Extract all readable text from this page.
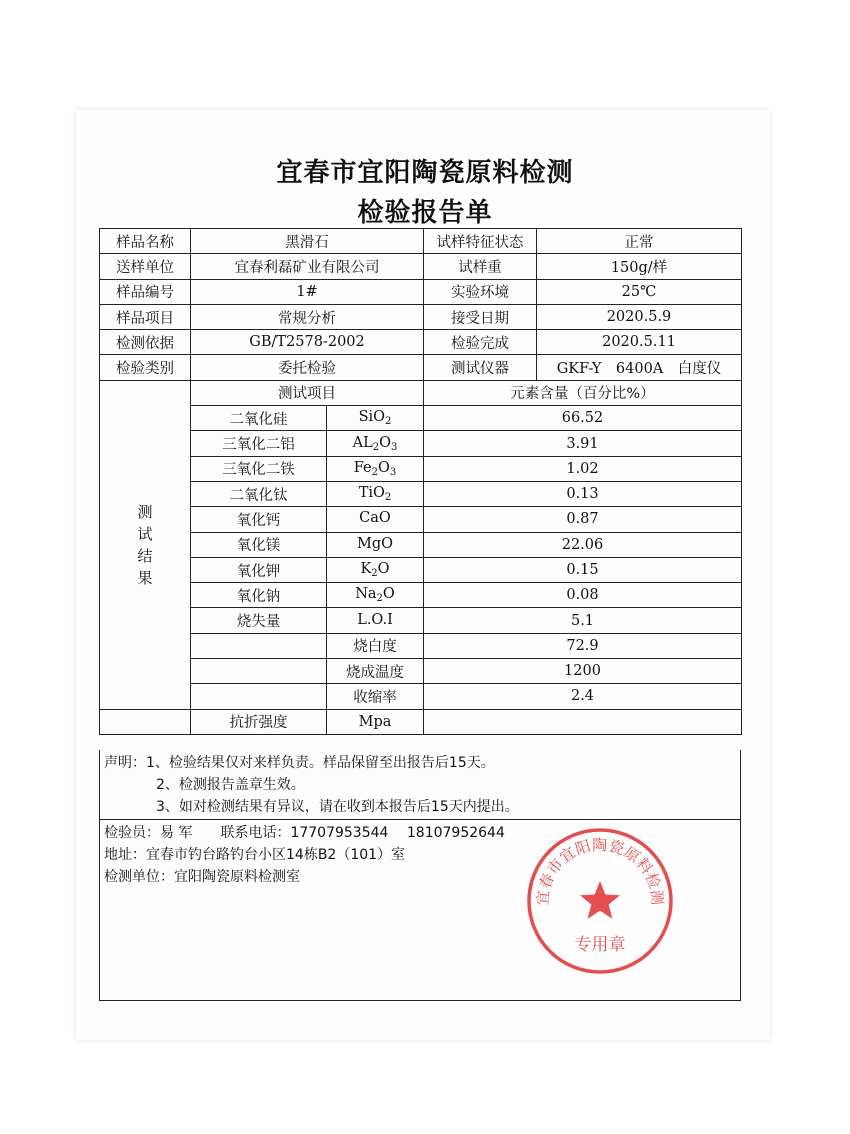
宜春市宜阳陶瓷原料检测
检验报告单
样品名称	黑滑石		试样特征状态	正常
送样单位	宜春利磊矿业有限公司		试样重	150g/样
样品编号	1#		实验环境	25℃
样品项目	常规分析		接受日期	2020.5.9
检测依据	GB/T2578-2002		检验完成	2020.5.11
检验类别	委托检验		测试仪器	GKF-Y　6400A　白度仪

测
试
结
果	测试项目		元素含量（百分比%）	
	二氧化硅	SiO$_2$	66.52	
	三氧化二铝	$AL_2O_3$	3.91	
	三氧化二铁	$Fe_2O_3$	1.02	
	二氧化钛	TiO$_2$	0.13	
	氧化钙	CaO	0.87	
	氧化镁	MgO	22.06	
	氧化钾	$K_2O$	0.15	
	氧化钠	$Na_2O$	0.08	
	烧失量	L.O.I	5.1	
		烧白度	72.9	
		烧成温度	1200	
		收缩率	2.4	
	抗折强度	Mpa		
声明：1、检验结果仅对来样负责。样品保留至出报告后15天。
2、检测报告盖章生效。
3、如对检测结果有异议，请在收到本报告后15天内提出。
检验员：易 军　　联系电话：17707953544　 18107952644
地址：宜春市钓台路钓台小区14栋B2（101）室
检测单位：宜阳陶瓷原料检测室
宜春市宜阳陶瓷原料检测
专用章
